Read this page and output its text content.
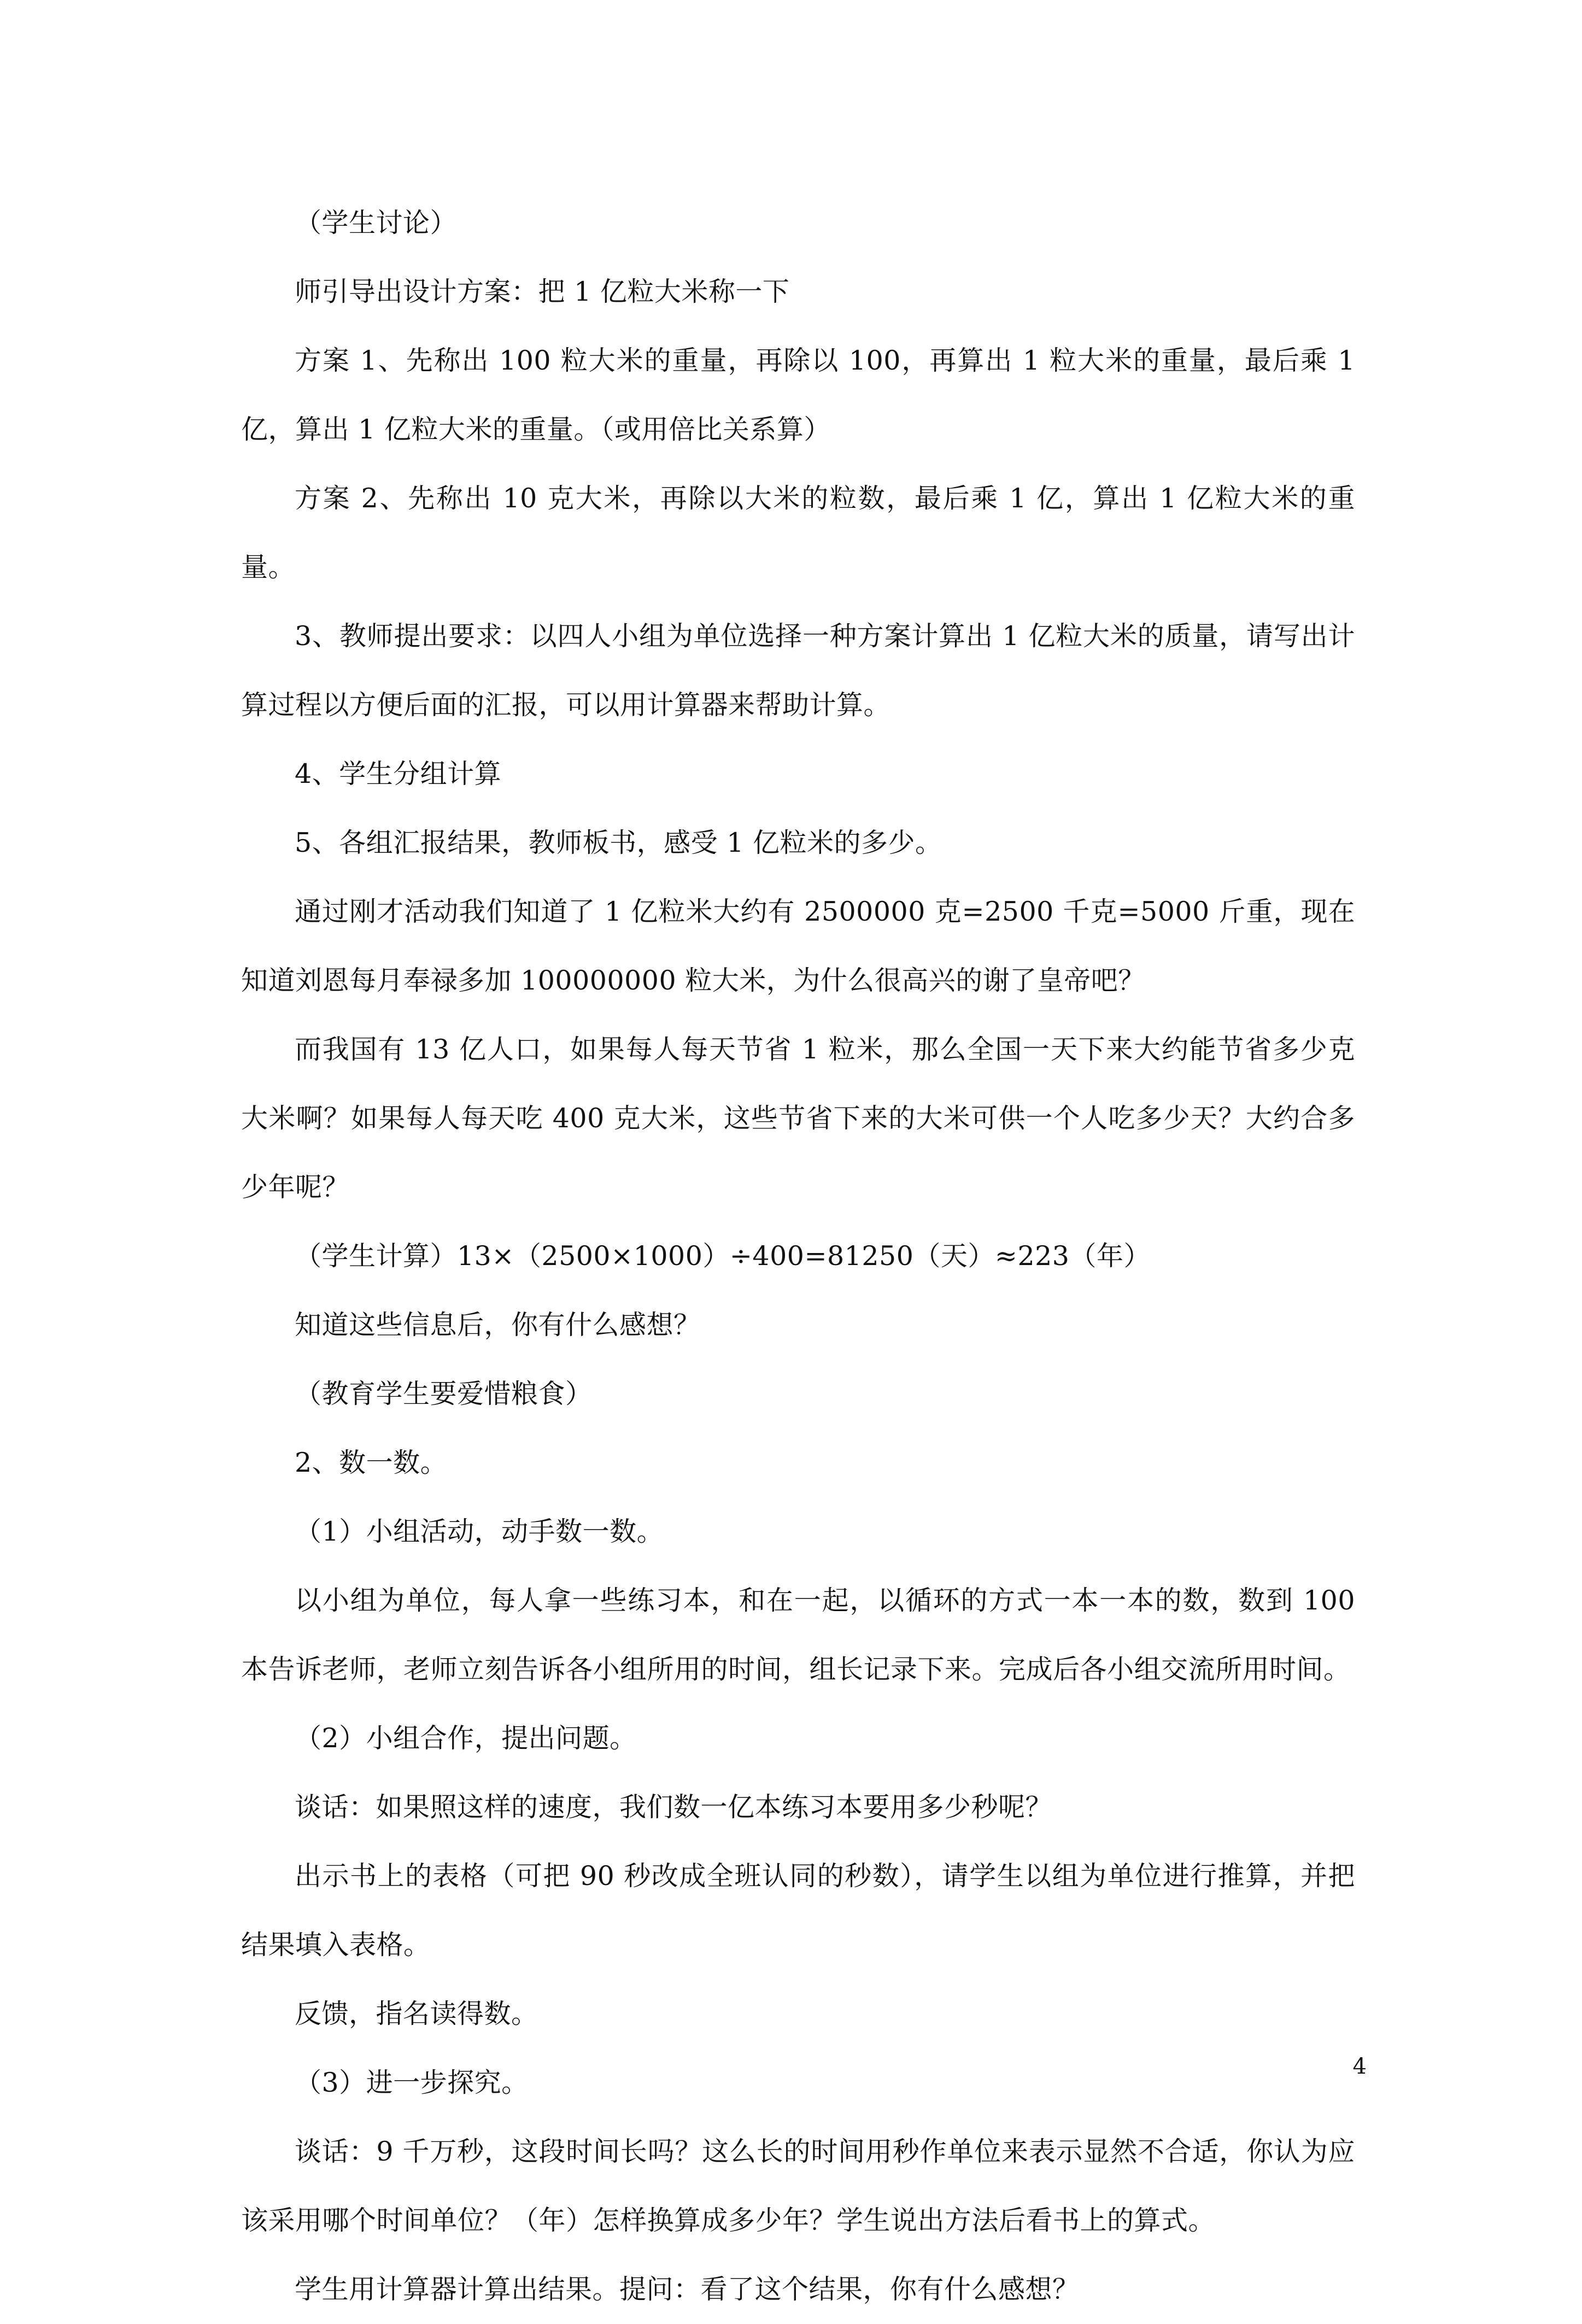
（学生讨论）

师引导出设计方案：把 1 亿粒大米称一下

方案 1、先称出 100 粒大米的重量，再除以 100，再算出 1 粒大米的重量，最后乘 1 亿，算出 1 亿粒大米的重量。（或用倍比关系算）

方案 2、先称出 10 克大米，再除以大米的粒数，最后乘 1 亿，算出 1 亿粒大米的重量。

3、教师提出要求：以四人小组为单位选择一种方案计算出 1 亿粒大米的质量，请写出计算过程以方便后面的汇报，可以用计算器来帮助计算。

4、学生分组计算

5、各组汇报结果，教师板书，感受 1 亿粒米的多少。

通过刚才活动我们知道了 1 亿粒米大约有 2500000 克=2500 千克=5000 斤重，现在知道刘恩每月奉禄多加 100000000 粒大米，为什么很高兴的谢了皇帝吧？

而我国有 13 亿人口，如果每人每天节省 1 粒米，那么全国一天下来大约能节省多少克大米啊？如果每人每天吃 400 克大米，这些节省下来的大米可供一个人吃多少天？大约合多少年呢？

（学生计算）13×（2500×1000）÷400=81250（天）≈223（年）

知道这些信息后，你有什么感想？

（教育学生要爱惜粮食）

2、数一数。

（1）小组活动，动手数一数。

以小组为单位，每人拿一些练习本，和在一起，以循环的方式一本一本的数，数到 100 本告诉老师，老师立刻告诉各小组所用的时间，组长记录下来。完成后各小组交流所用时间。

（2）小组合作，提出问题。

谈话：如果照这样的速度，我们数一亿本练习本要用多少秒呢？

出示书上的表格（可把 90 秒改成全班认同的秒数），请学生以组为单位进行推算，并把结果填入表格。

反馈，指名读得数。

（3）进一步探究。

谈话：9 千万秒，这段时间长吗？这么长的时间用秒作单位来表示显然不合适，你认为应该采用哪个时间单位？（年）怎样换算成多少年？学生说出方法后看书上的算式。

学生用计算器计算出结果。提问：看了这个结果，你有什么感想？

4
